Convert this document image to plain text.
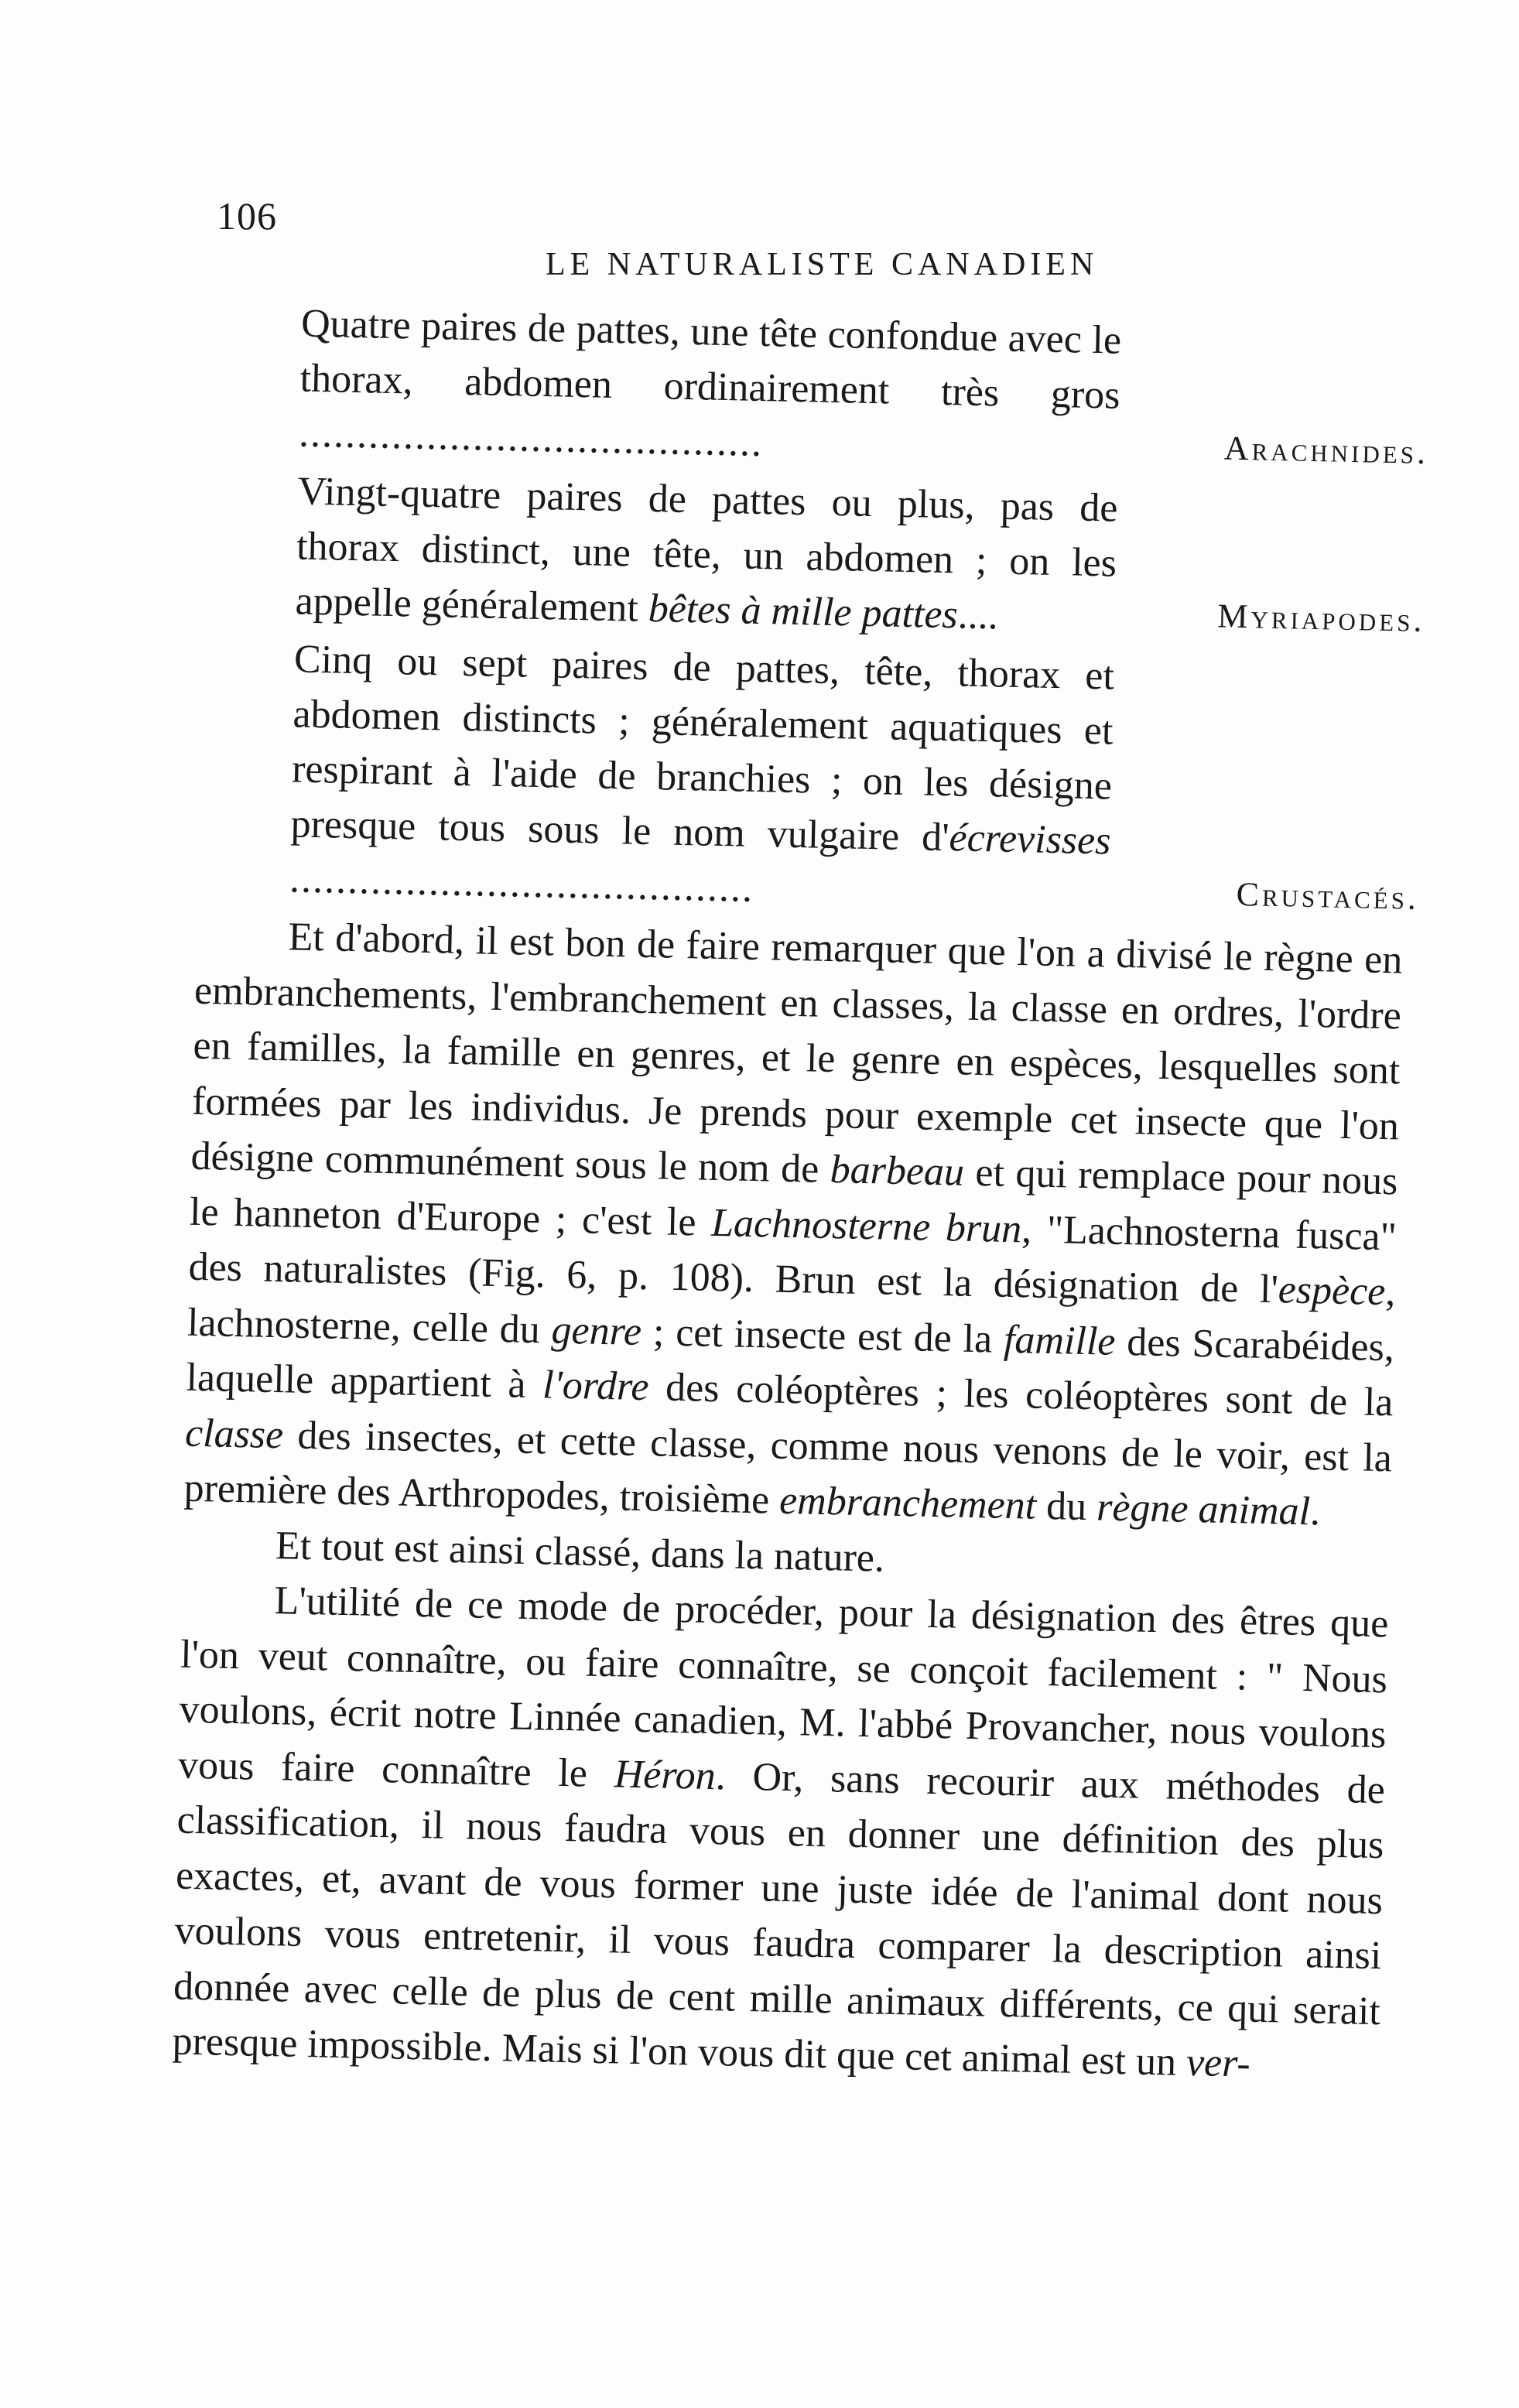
106
LE NATURALISTE CANADIEN
Quatre paires de pattes, une tête confondue avec le thorax, abdomen ordinairement très gros .....
Arachnides.
Vingt-quatre paires de pattes ou plus, pas de thorax distinct, une tête, un abdomen ; on les appelle généralement bêtes à mille pattes....	Myriapodes.
Cinq ou sept paires de pattes, tête, thorax et abdomen distincts ; généralement aquatiques et respirant à l'aide de branchies ; on les désigne presque tous sous le nom vulgaire d'écrevisses .....
Crustacés.

Et d'abord, il est bon de faire remarquer que l'on a divisé le règne en embranchements, l'embranchement en classes, la classe en ordres, l'ordre en familles, la famille en genres, et le genre en espèces, lesquelles sont formées par les individus. Je prends pour exemple cet insecte que l'on désigne communément sous le nom de barbeau et qui remplace pour nous le hanneton d'Europe ; c'est le Lachnosterne brun, "Lachnosterna fusca" des naturalistes (Fig. 6, p. 108). Brun est la désignation de l'espèce, lachnosterne, celle du genre ; cet insecte est de la famille des Scarabéides, laquelle appartient à l'ordre des coléoptères ; les coléoptères sont de la classe des insectes, et cette classe, comme nous venons de le voir, est la première des Arthropodes, troisième embranchement du règne animal.

Et tout est ainsi classé, dans la nature.

L'utilité de ce mode de procéder, pour la désignation des êtres que l'on veut connaître, ou faire connaître, se conçoit facilement : " Nous voulons, écrit notre Linnée canadien, M. l'abbé Provancher, nous voulons vous faire connaître le Héron. Or, sans recourir aux méthodes de classification, il nous faudra vous en donner une définition des plus exactes, et, avant de vous former une juste idée de l'animal dont nous voulons vous entretenir, il vous faudra comparer la description ainsi donnée avec celle de plus de cent mille animaux différents, ce qui serait presque impossible. Mais si l'on vous dit que cet animal est un ver-
